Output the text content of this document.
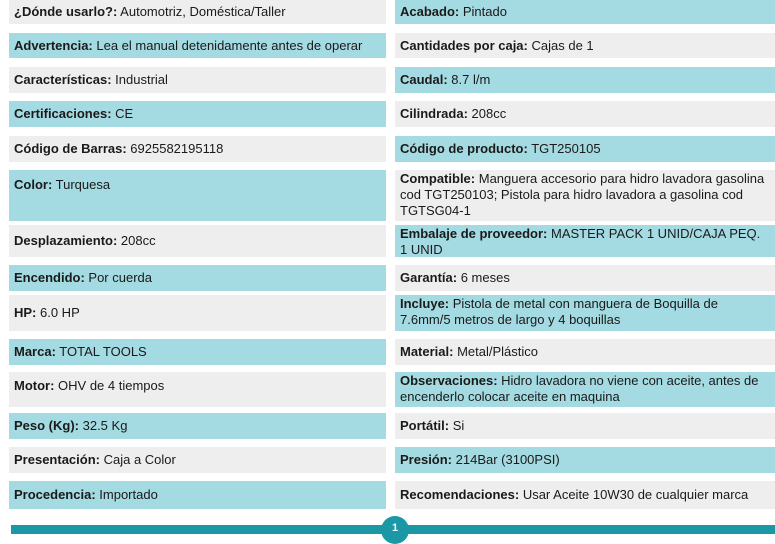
¿Dónde usarlo?: Automotriz, Doméstica/Taller
Advertencia: Lea el manual detenidamente antes de operar
Características: Industrial
Certificaciones: CE
Código de Barras: 6925582195118
Color: Turquesa
Desplazamiento: 208cc
Encendido: Por cuerda
HP: 6.0 HP
Marca: TOTAL TOOLS
Motor: OHV de 4 tiempos
Peso (Kg): 32.5 Kg
Presentación: Caja a Color
Procedencia: Importado
Acabado: Pintado
Cantidades por caja: Cajas de 1
Caudal: 8.7 l/m
Cilindrada: 208cc
Código de producto: TGT250105
Compatible: Manguera accesorio para hidro lavadora gasolina cod TGT250103; Pistola para hidro lavadora a gasolina cod TGTSG04-1
Embalaje de proveedor: MASTER PACK 1 UNID/CAJA PEQ. 1 UNID
Garantía: 6 meses
Incluye: Pistola de metal con manguera de Boquilla de 7.6mm/5 metros de largo y 4 boquillas
Material: Metal/Plástico
Observaciones: Hidro lavadora no viene con aceite, antes de encenderlo colocar aceite en maquina
Portátil: Si
Presión: 214Bar (3100PSI)
Recomendaciones: Usar Aceite 10W30 de cualquier marca
1
